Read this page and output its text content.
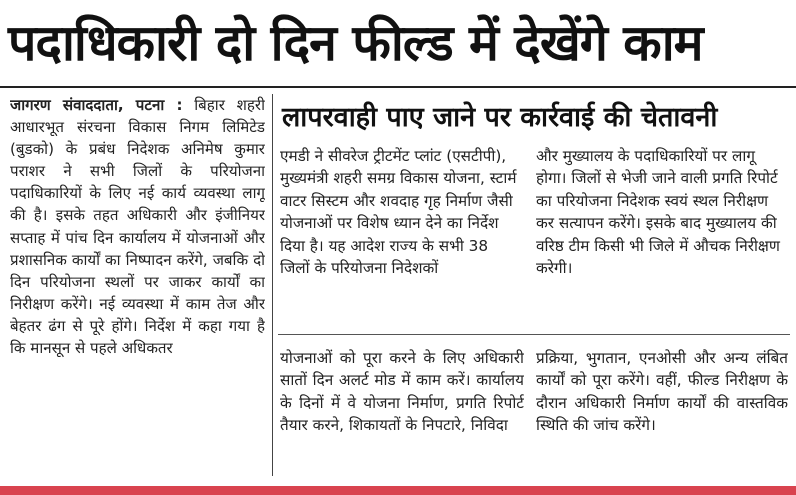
पदाधिकारी दो दिन फील्ड में देखेंगे काम
जागरण संवाददाता, पटना : बिहार शहरी आधारभूत संरचना विकास निगम लिमिटेड (बुडको) के प्रबंध निदेशक अनिमेष कुमार पराशर ने सभी जिलों के परियोजना पदाधिकारियों के लिए नई कार्य व्यवस्था लागू की है। इसके तहत अधिकारी और इंजीनियर सप्ताह में पांच दिन कार्यालय में योजनाओं और प्रशासनिक कार्यों का निष्पादन करेंगे, जबकि दो दिन परियोजना स्थलों पर जाकर कार्यों का निरीक्षण करेंगे। नई व्यवस्था में काम तेज और बेहतर ढंग से पूरे होंगे। निर्देश में कहा गया है कि मानसून से पहले अधिकतर
लापरवाही पाए जाने पर कार्रवाई की चेतावनी
एमडी ने सीवरेज ट्रीटमेंट प्लांट (एसटीपी), मुख्यमंत्री शहरी समग्र विकास योजना, स्टार्म वाटर सिस्टम और शवदाह गृह निर्माण जैसी योजनाओं पर विशेष ध्यान देने का निर्देश दिया है। यह आदेश राज्य के सभी 38 जिलों के परियोजना निदेशकों
और मुख्यालय के पदाधिकारियों पर लागू होगा। जिलों से भेजी जाने वाली प्रगति रिपोर्ट का परियोजना निदेशक स्वयं स्थल निरीक्षण कर सत्यापन करेंगे। इसके बाद मुख्यालय की वरिष्ठ टीम किसी भी जिले में औचक निरीक्षण करेगी।
योजनाओं को पूरा करने के लिए अधिकारी सातों दिन अलर्ट मोड में काम करें। कार्यालय के दिनों में वे योजना निर्माण, प्रगति रिपोर्ट तैयार करने, शिकायतों के निपटारे, निविदा
प्रक्रिया, भुगतान, एनओसी और अन्य लंबित कार्यों को पूरा करेंगे। वहीं, फील्ड निरीक्षण के दौरान अधिकारी निर्माण कार्यों की वास्तविक स्थिति की जांच करेंगे।
